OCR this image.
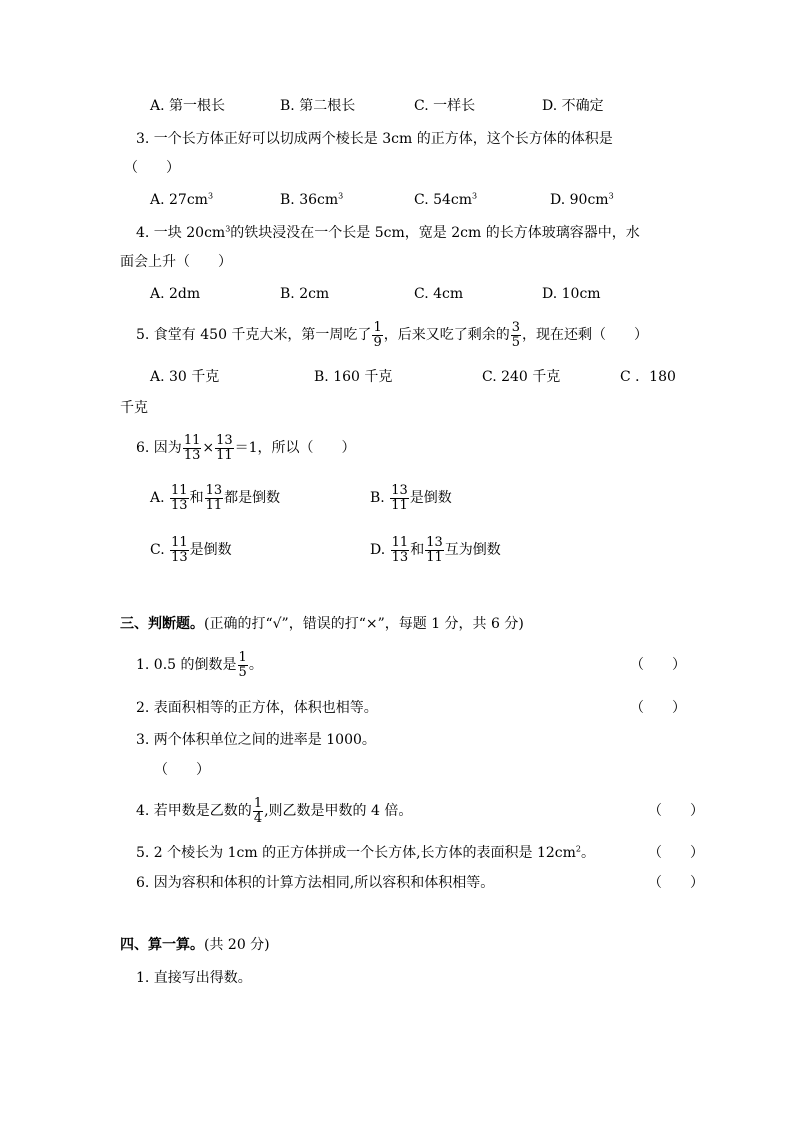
A. 第一根长	B. 第二根长	C. 一样长	D. 不确定
3. 一个长方体正好可以切成两个棱长是 3cm 的正方体，这个长方体的体积是
（　　）
A. $27cm^3$	B. $36cm^3$	C. $54cm^3$	D. $90cm^3$
4. 一块 $20cm^3$的铁块浸没在一个长是 5cm，宽是 2cm 的长方体玻璃容器中，水
面会上升（　　）
A. 2dm	B. 2cm	C. 4cm	D. 10cm
5. 食堂有 450 千克大米，第一周吃了 $\frac{1}{9}$ ，后来又吃了剩余的 $\frac{3}{5}$ ，现在还剩（　　）
A. 30 千克	B. 160 千克	C. 240 千克	C ．180
千克
6. 因为 $\frac{11}{13} \times \frac{13}{11} =1$，所以（　　）
A. $\frac{11}{13}$ 和 $\frac{13}{11}$ 都是倒数	B. $\frac{13}{11}$ 是倒数
C. $\frac{11}{13}$ 是倒数	D. $\frac{11}{13}$ 和 $\frac{13}{11}$ 互为倒数
三、判断题。(正确的打“√”，错误的打“×”，每题 1 分，共 6 分)
1. 0.5 的倒数是 $\frac{1}{5}$ 。	（　　）
2. 表面积相等的正方体，体积也相等。	（　　）
3. 两个体积单位之间的进率是 1000。
（　　）
4. 若甲数是乙数的 $\frac{1}{4}$ ,则乙数是甲数的 4 倍。	（　　）
5. 2 个棱长为 1cm 的正方体拼成一个长方体,长方体的表面积是 $12cm^2$。	（　　）
6. 因为容积和体积的计算方法相同,所以容积和体积相等。	（　　）
四、算一算。(共 20 分)
1. 直接写出得数。
